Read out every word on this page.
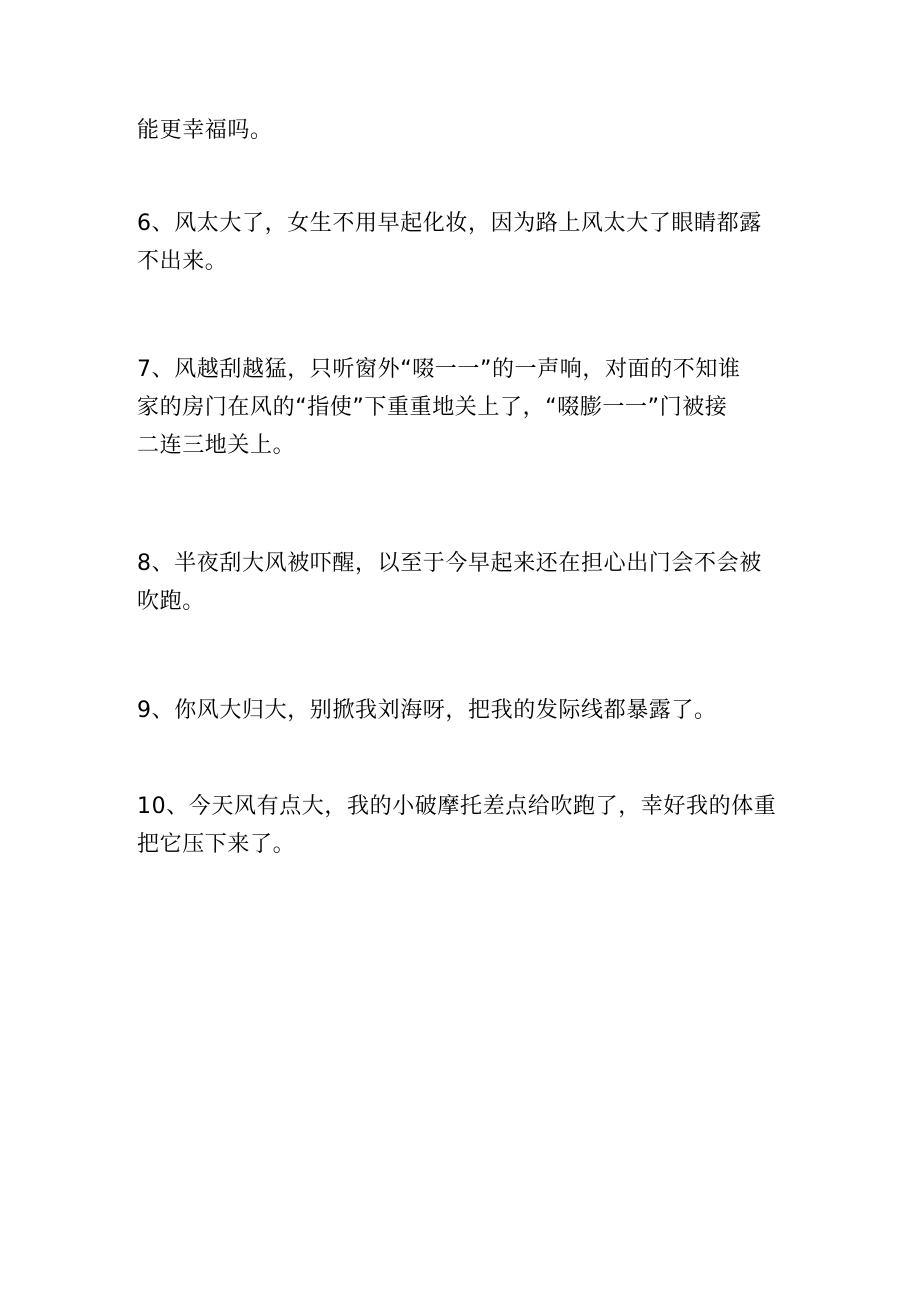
能更幸福吗。

6、风太大了，女生不用早起化妆，因为路上风太大了眼睛都露
不出来。

7、风越刮越猛，只听窗外“啜一一”的一声响，对面的不知谁
家的房门在风的“指使”下重重地关上了，“啜膨一一”门被接
二连三地关上。

8、半夜刮大风被吓醒，以至于今早起来还在担心出门会不会被
吹跑。

9、你风大归大，别掀我刘海呀，把我的发际线都暴露了。

10、今天风有点大，我的小破摩托差点给吹跑了，幸好我的体重
把它压下来了。
